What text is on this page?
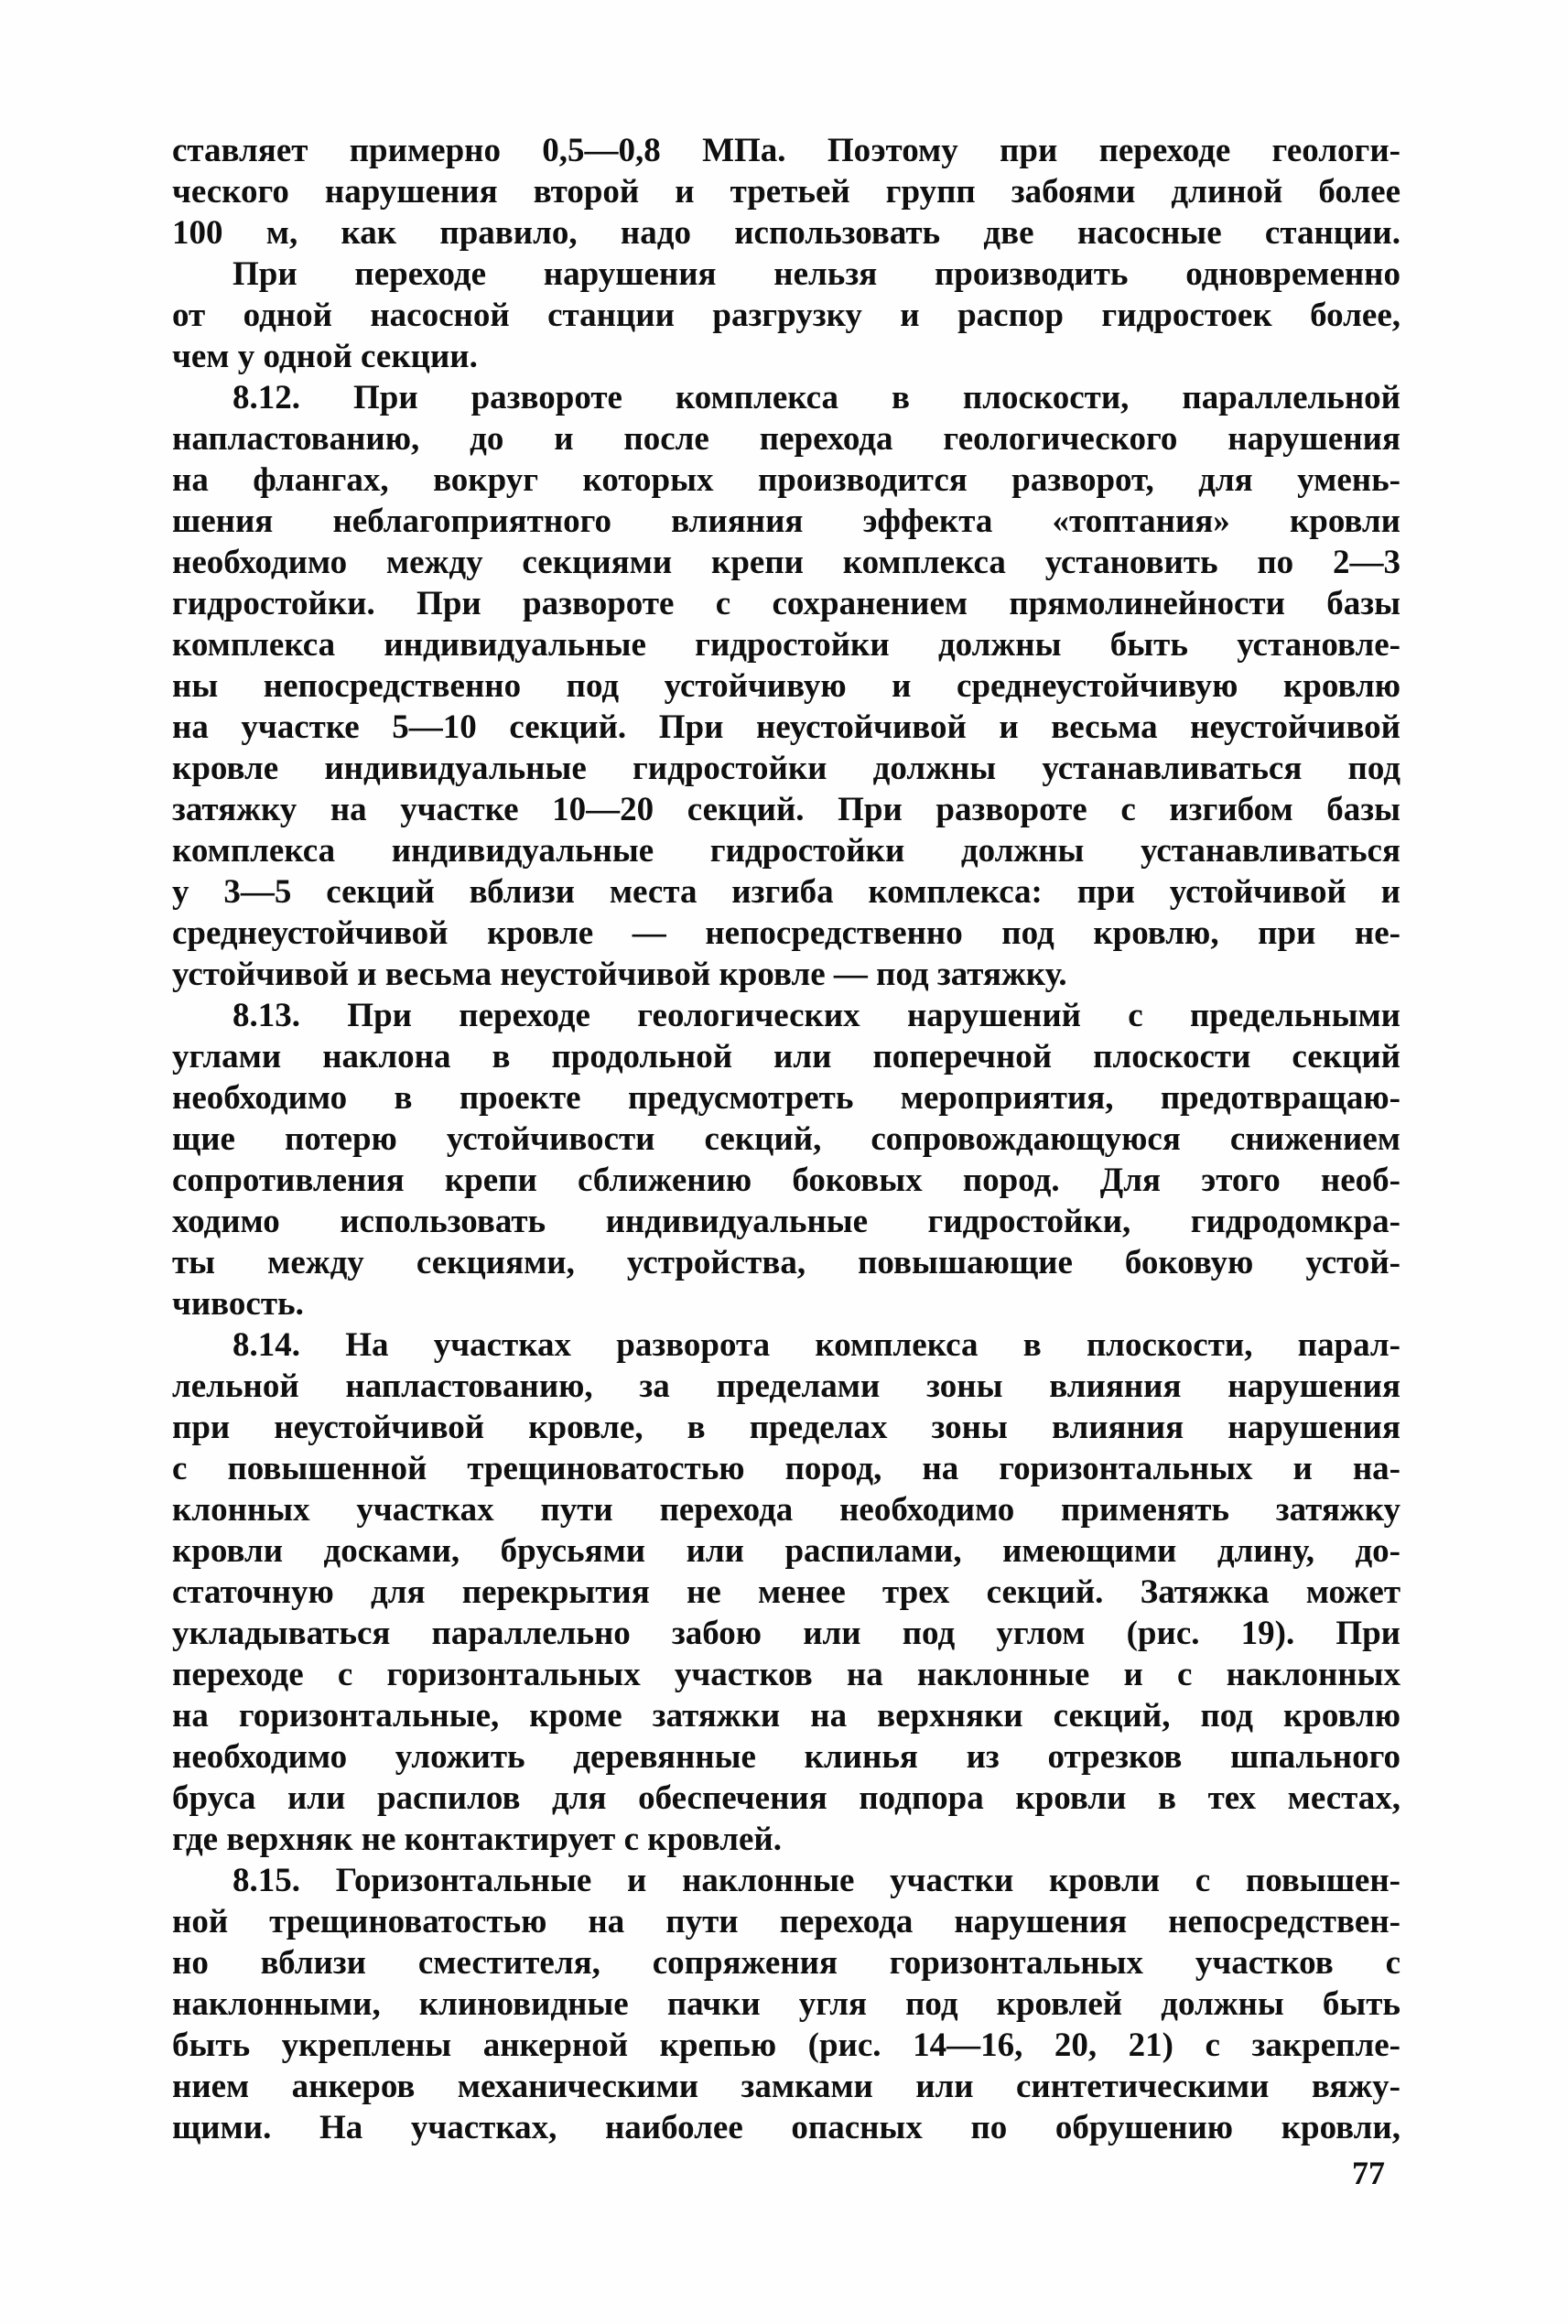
ставляет примерно 0,5—0,8 МПа. Поэтому при переходе геологи-
ческого нарушения второй и третьей групп забоями длиной более
100 м, как правило, надо использовать две насосные станции.
При переходе нарушения нельзя производить одновременно
от одной насосной станции разгрузку и распор гидростоек более,
чем у одной секции.
8.12. При развороте комплекса в плоскости, параллельной
напластованию, до и после перехода геологического нарушения
на флангах, вокруг которых производится разворот, для умень-
шения неблагоприятного влияния эффекта «топтания» кровли
необходимо между секциями крепи комплекса установить по 2—3
гидростойки. При развороте с сохранением прямолинейности базы
комплекса индивидуальные гидростойки должны быть установле-
ны непосредственно под устойчивую и среднеустойчивую кровлю
на участке 5—10 секций. При неустойчивой и весьма неустойчивой
кровле индивидуальные гидростойки должны устанавливаться под
затяжку на участке 10—20 секций. При развороте с изгибом базы
комплекса индивидуальные гидростойки должны устанавливаться
у 3—5 секций вблизи места изгиба комплекса: при устойчивой и
среднеустойчивой кровле — непосредственно под кровлю, при не-
устойчивой и весьма неустойчивой кровле — под затяжку.
8.13. При переходе геологических нарушений с предельными
углами наклона в продольной или поперечной плоскости секций
необходимо в проекте предусмотреть мероприятия, предотвращаю-
щие потерю устойчивости секций, сопровождающуюся снижением
сопротивления крепи сближению боковых пород. Для этого необ-
ходимо использовать индивидуальные гидростойки, гидродомкра-
ты между секциями, устройства, повышающие боковую устой-
чивость.
8.14. На участках разворота комплекса в плоскости, парал-
лельной напластованию, за пределами зоны влияния нарушения
при неустойчивой кровле, в пределах зоны влияния нарушения
с повышенной трещиноватостью пород, на горизонтальных и на-
клонных участках пути перехода необходимо применять затяжку
кровли досками, брусьями или распилами, имеющими длину, до-
статочную для перекрытия не менее трех секций. Затяжка может
укладываться параллельно забою или под углом (рис. 19). При
переходе с горизонтальных участков на наклонные и с наклонных
на горизонтальные, кроме затяжки на верхняки секций, под кровлю
необходимо уложить деревянные клинья из отрезков шпального
бруса или распилов для обеспечения подпора кровли в тех местах,
где верхняк не контактирует с кровлей.
8.15. Горизонтальные и наклонные участки кровли с повышен-
ной трещиноватостью на пути перехода нарушения непосредствен-
но вблизи сместителя, сопряжения горизонтальных участков с
наклонными, клиновидные пачки угля под кровлей должны быть
быть укреплены анкерной крепью (рис. 14—16, 20, 21) с закрепле-
нием анкеров механическими замками или синтетическими вяжу-
щими. На участках, наиболее опасных по обрушению кровли,
77
